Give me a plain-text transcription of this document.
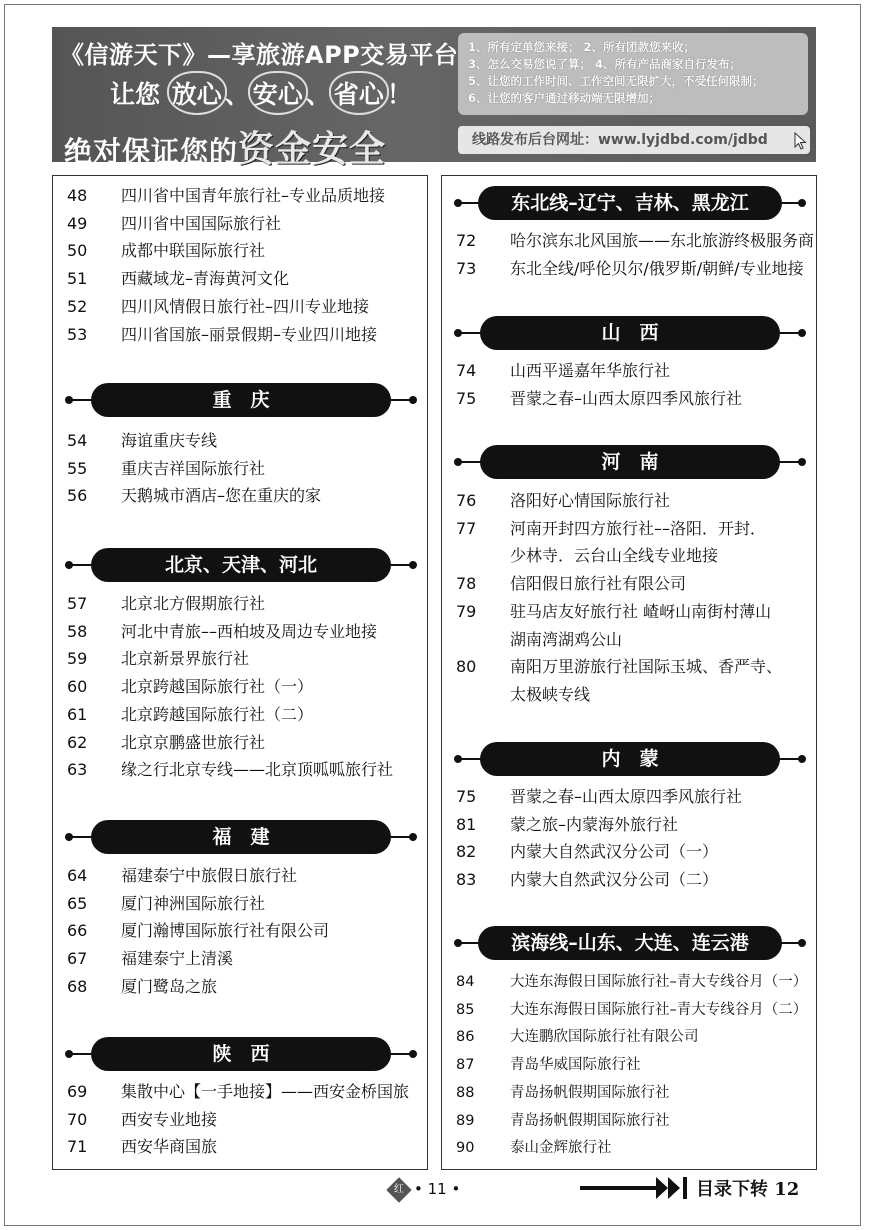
《信游天下》—享旅游APP交易平台
让您 放心 、 安心 、 省心 ！
绝对保证您的资金安全
1、所有定单您来接； 2、所有团款您来收；
3、怎么交易您说了算； 4、所有产品商家自行发布；
5、让您的工作时间、工作空间无限扩大，不受任何限制；
6、让您的客户通过移动端无限增加；
线路发布后台网址：www.lyjdbd.com/jdbd
48	四川省中国青年旅行社–专业品质地接
49	四川省中国国际旅行社
50	成都中联国际旅行社
51	西藏域龙–青海黄河文化
52	四川风情假日旅行社–四川专业地接
53	四川省国旅–丽景假期–专业四川地接
重　庆
54	海谊重庆专线
55	重庆吉祥国际旅行社
56	天鹅城市酒店–您在重庆的家
北京、天津、河北
57	北京北方假期旅行社
58	河北中青旅––西柏坡及周边专业地接
59	北京新景界旅行社
60	北京跨越国际旅行社（一）
61	北京跨越国际旅行社（二）
62	北京京鹏盛世旅行社
63	缘之行北京专线——北京顶呱呱旅行社
福　建
64	福建泰宁中旅假日旅行社
65	厦门神洲国际旅行社
66	厦门瀚博国际旅行社有限公司
67	福建泰宁上清溪
68	厦门鹭岛之旅
陕　西
69	集散中心【一手地接】——西安金桥国旅
70	西安专业地接
71	西安华商国旅
东北线–辽宁、吉林、黑龙江
72	哈尔滨东北风国旅——东北旅游终极服务商
73	东北全线/呼伦贝尔/俄罗斯/朝鲜/专业地接
山　西
74	山西平遥嘉年华旅行社
75	晋蒙之春–山西太原四季风旅行社
河　南
76	洛阳好心情国际旅行社
77	河南开封四方旅行社––洛阳．开封．
少林寺．云台山全线专业地接
78	信阳假日旅行社有限公司
79	驻马店友好旅行社 嵖岈山南街村薄山
湖南湾湖鸡公山
80	南阳万里游旅行社国际玉城、香严寺、
太极峡专线
内　蒙
75	晋蒙之春–山西太原四季风旅行社
81	蒙之旅–内蒙海外旅行社
82	内蒙大自然武汉分公司（一）
83	内蒙大自然武汉分公司（二）
滨海线–山东、大连、连云港
84	大连东海假日国际旅行社–青大专线谷月（一）
85	大连东海假日国际旅行社–青大专线谷月（二）
86	大连鹏欣国际旅行社有限公司
87	青岛华威国际旅行社
88	青岛扬帆假期国际旅行社
89	青岛扬帆假期国际旅行社
90	泰山金辉旅行社
红 • 11 •	目录下转 12
